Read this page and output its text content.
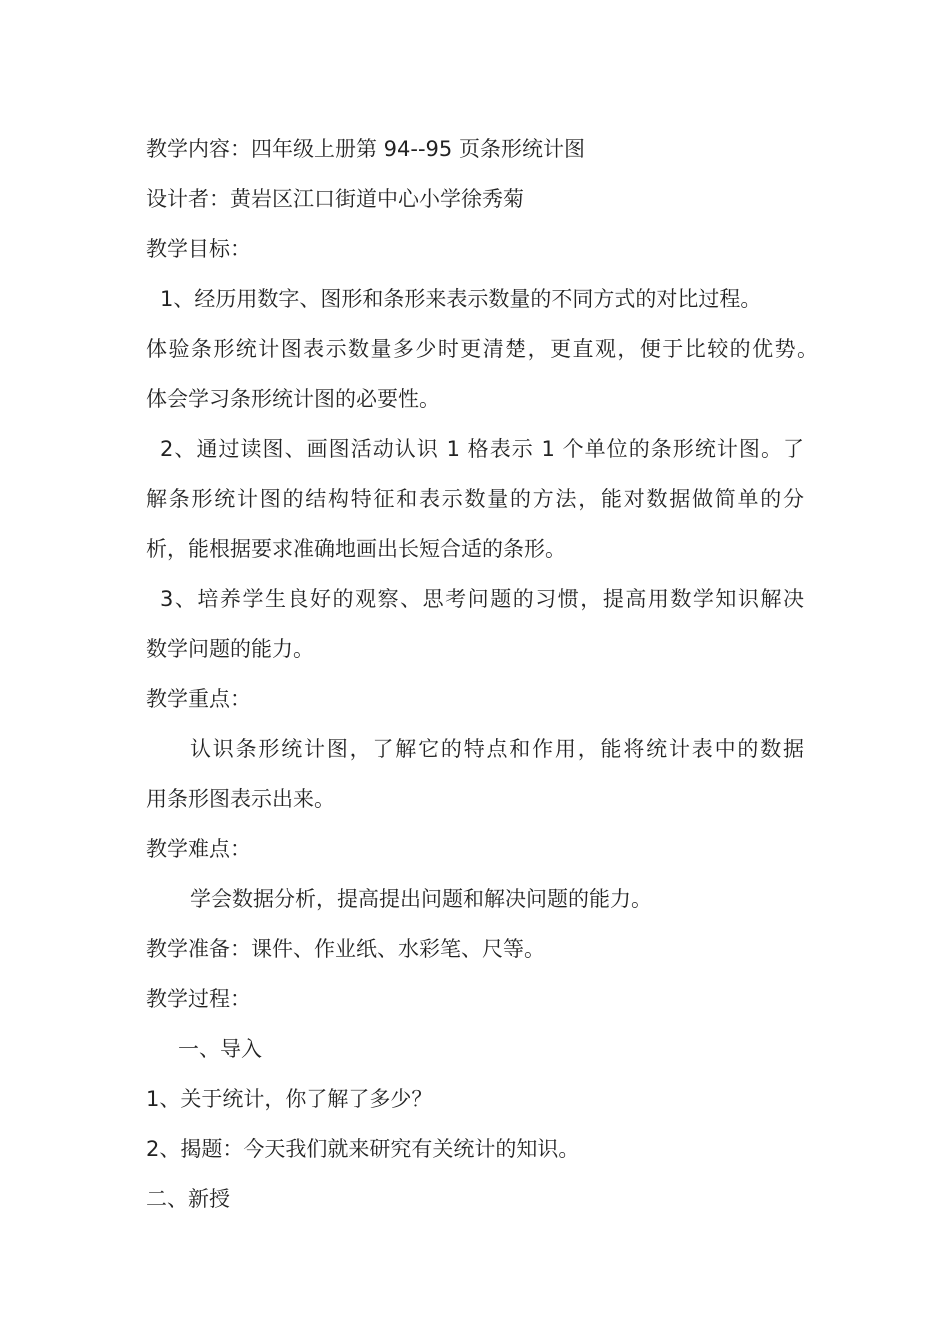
教学内容：四年级上册第 94--95 页条形统计图
设计者：黄岩区江口街道中心小学徐秀菊
教学目标：
1、经历用数字、图形和条形来表示数量的不同方式的对比过程。
体验条形统计图表示数量多少时更清楚，更直观，便于比较的优势。
体会学习条形统计图的必要性。
2、通过读图、画图活动认识 1 格表示 1 个单位的条形统计图。了
解条形统计图的结构特征和表示数量的方法，能对数据做简单的分
析，能根据要求准确地画出长短合适的条形。
3、培养学生良好的观察、思考问题的习惯，提高用数学知识解决
数学问题的能力。
教学重点：
认识条形统计图，了解它的特点和作用，能将统计表中的数据
用条形图表示出来。
教学难点：
学会数据分析，提高提出问题和解决问题的能力。
教学准备：课件、作业纸、水彩笔、尺等。
教学过程：
一、导入
1、关于统计，你了解了多少？
2、揭题：今天我们就来研究有关统计的知识。
二、新授
